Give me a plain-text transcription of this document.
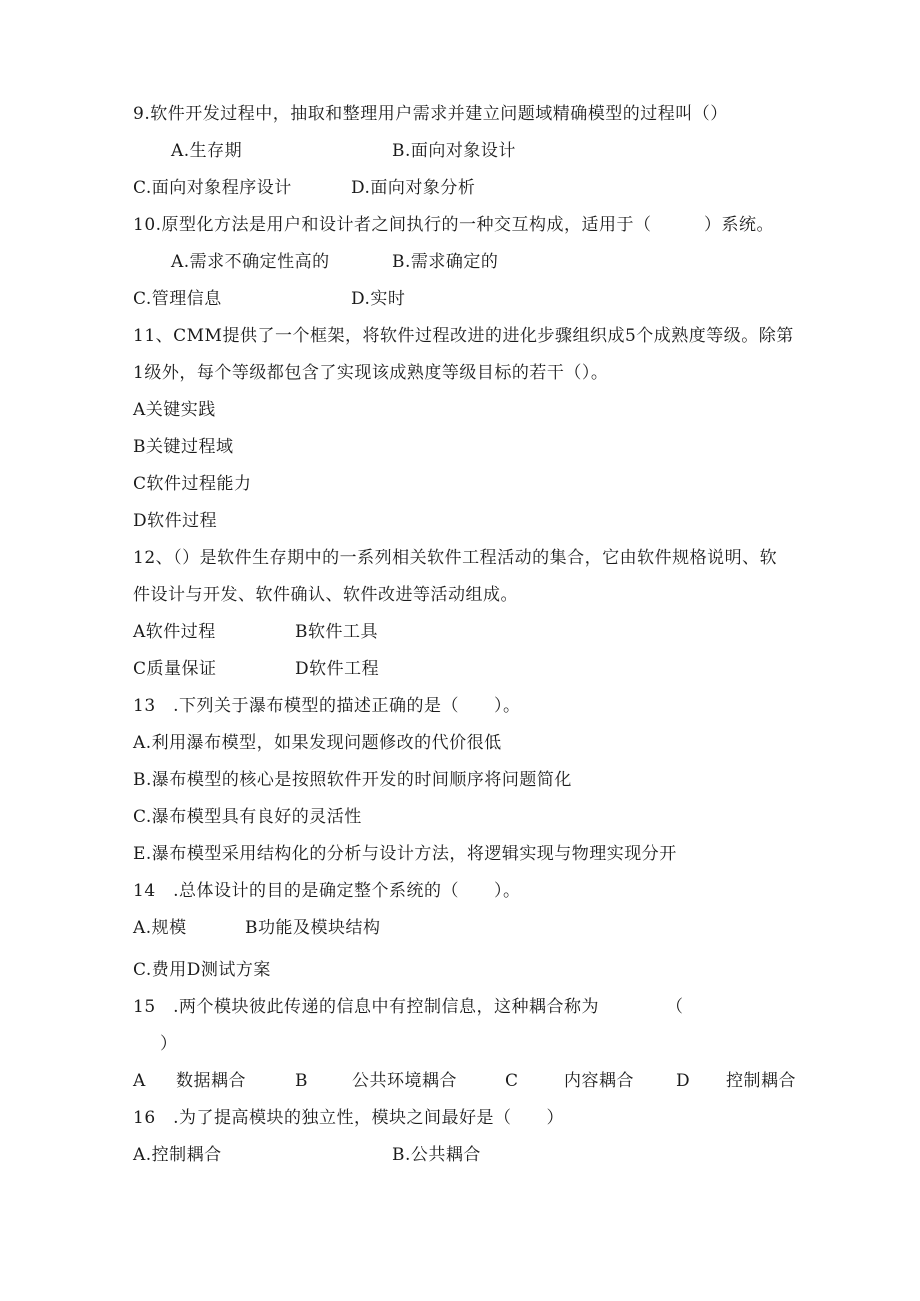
9.软件开发过程中，抽取和整理用户需求并建立问题域精确模型的过程叫（）
A.生存期	B.面向对象设计
C.面向对象程序设计	D.面向对象分析
10.原型化方法是用户和设计者之间执行的一种交互构成，适用于（　　　）系统。
A.需求不确定性高的	B.需求确定的
C.管理信息	D.实时
11、CMM提供了一个框架，将软件过程改进的进化步骤组织成5个成熟度等级。除第
1级外，每个等级都包含了实现该成熟度等级目标的若干（）。
A关键实践
B关键过程域
C软件过程能力
D软件过程
12、（）是软件生存期中的一系列相关软件工程活动的集合，它由软件规格说明、软
件设计与开发、软件确认、软件改进等活动组成。
A软件过程	B软件工具
C质量保证	D软件工程
13　.下列关于瀑布模型的描述正确的是（　　）。
A.利用瀑布模型，如果发现问题修改的代价很低
B.瀑布模型的核心是按照软件开发的时间顺序将问题简化
C.瀑布模型具有良好的灵活性
E.瀑布模型采用结构化的分析与设计方法，将逻辑实现与物理实现分开
14　.总体设计的目的是确定整个系统的（　　）。
A.规模	B功能及模块结构
C.费用D测试方案
15　.两个模块彼此传递的信息中有控制信息，这种耦合称为	（
）
A 数据耦合	B	公共环境耦合	C	内容耦合 D 控制耦合
16　.为了提高模块的独立性，模块之间最好是（　　）
A.控制耦合	B.公共耦合
